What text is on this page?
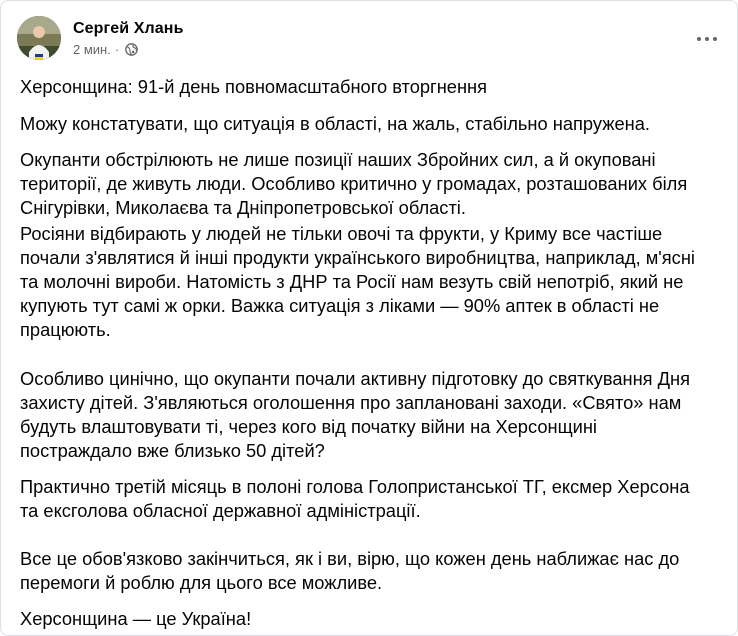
Сергей Хлань
2 мин. ·

Херсонщина: 91-й день повномасштабного вторгнення

Можу констатувати, що ситуація в області, на жаль, стабільно напружена.

Окупанти обстрілюють не лише позиції наших Збройних сил, а й окуповані
території, де живуть люди. Особливо критично у громадах, розташованих біля
Снігурівки, Миколаєва та Дніпропетровської області.

Росіяни відбирають у людей не тільки овочі та фрукти, у Криму все частіше
почали з'являтися й інші продукти українського виробництва, наприклад, м'ясні
та молочні вироби. Натомість з ДНР та Росії нам везуть свій непотріб, який не
купують тут самі ж орки. Важка ситуація з ліками — 90% аптек в області не
працюють.

Особливо цинічно, що окупанти почали активну підготовку до святкування Дня
захисту дітей. З'являються оголошення про заплановані заходи. «Свято» нам
будуть влаштовувати ті, через кого від початку війни на Херсонщині
постраждало вже близько 50 дітей?

Практично третій місяць в полоні голова Голопристанської ТГ, ексмер Херсона
та ексголова обласної державної адміністрації.

Все це обов'язково закінчиться, як і ви, вірю, що кожен день наближає нас до
перемоги й роблю для цього все можливе.

Херсонщина — це Україна!
